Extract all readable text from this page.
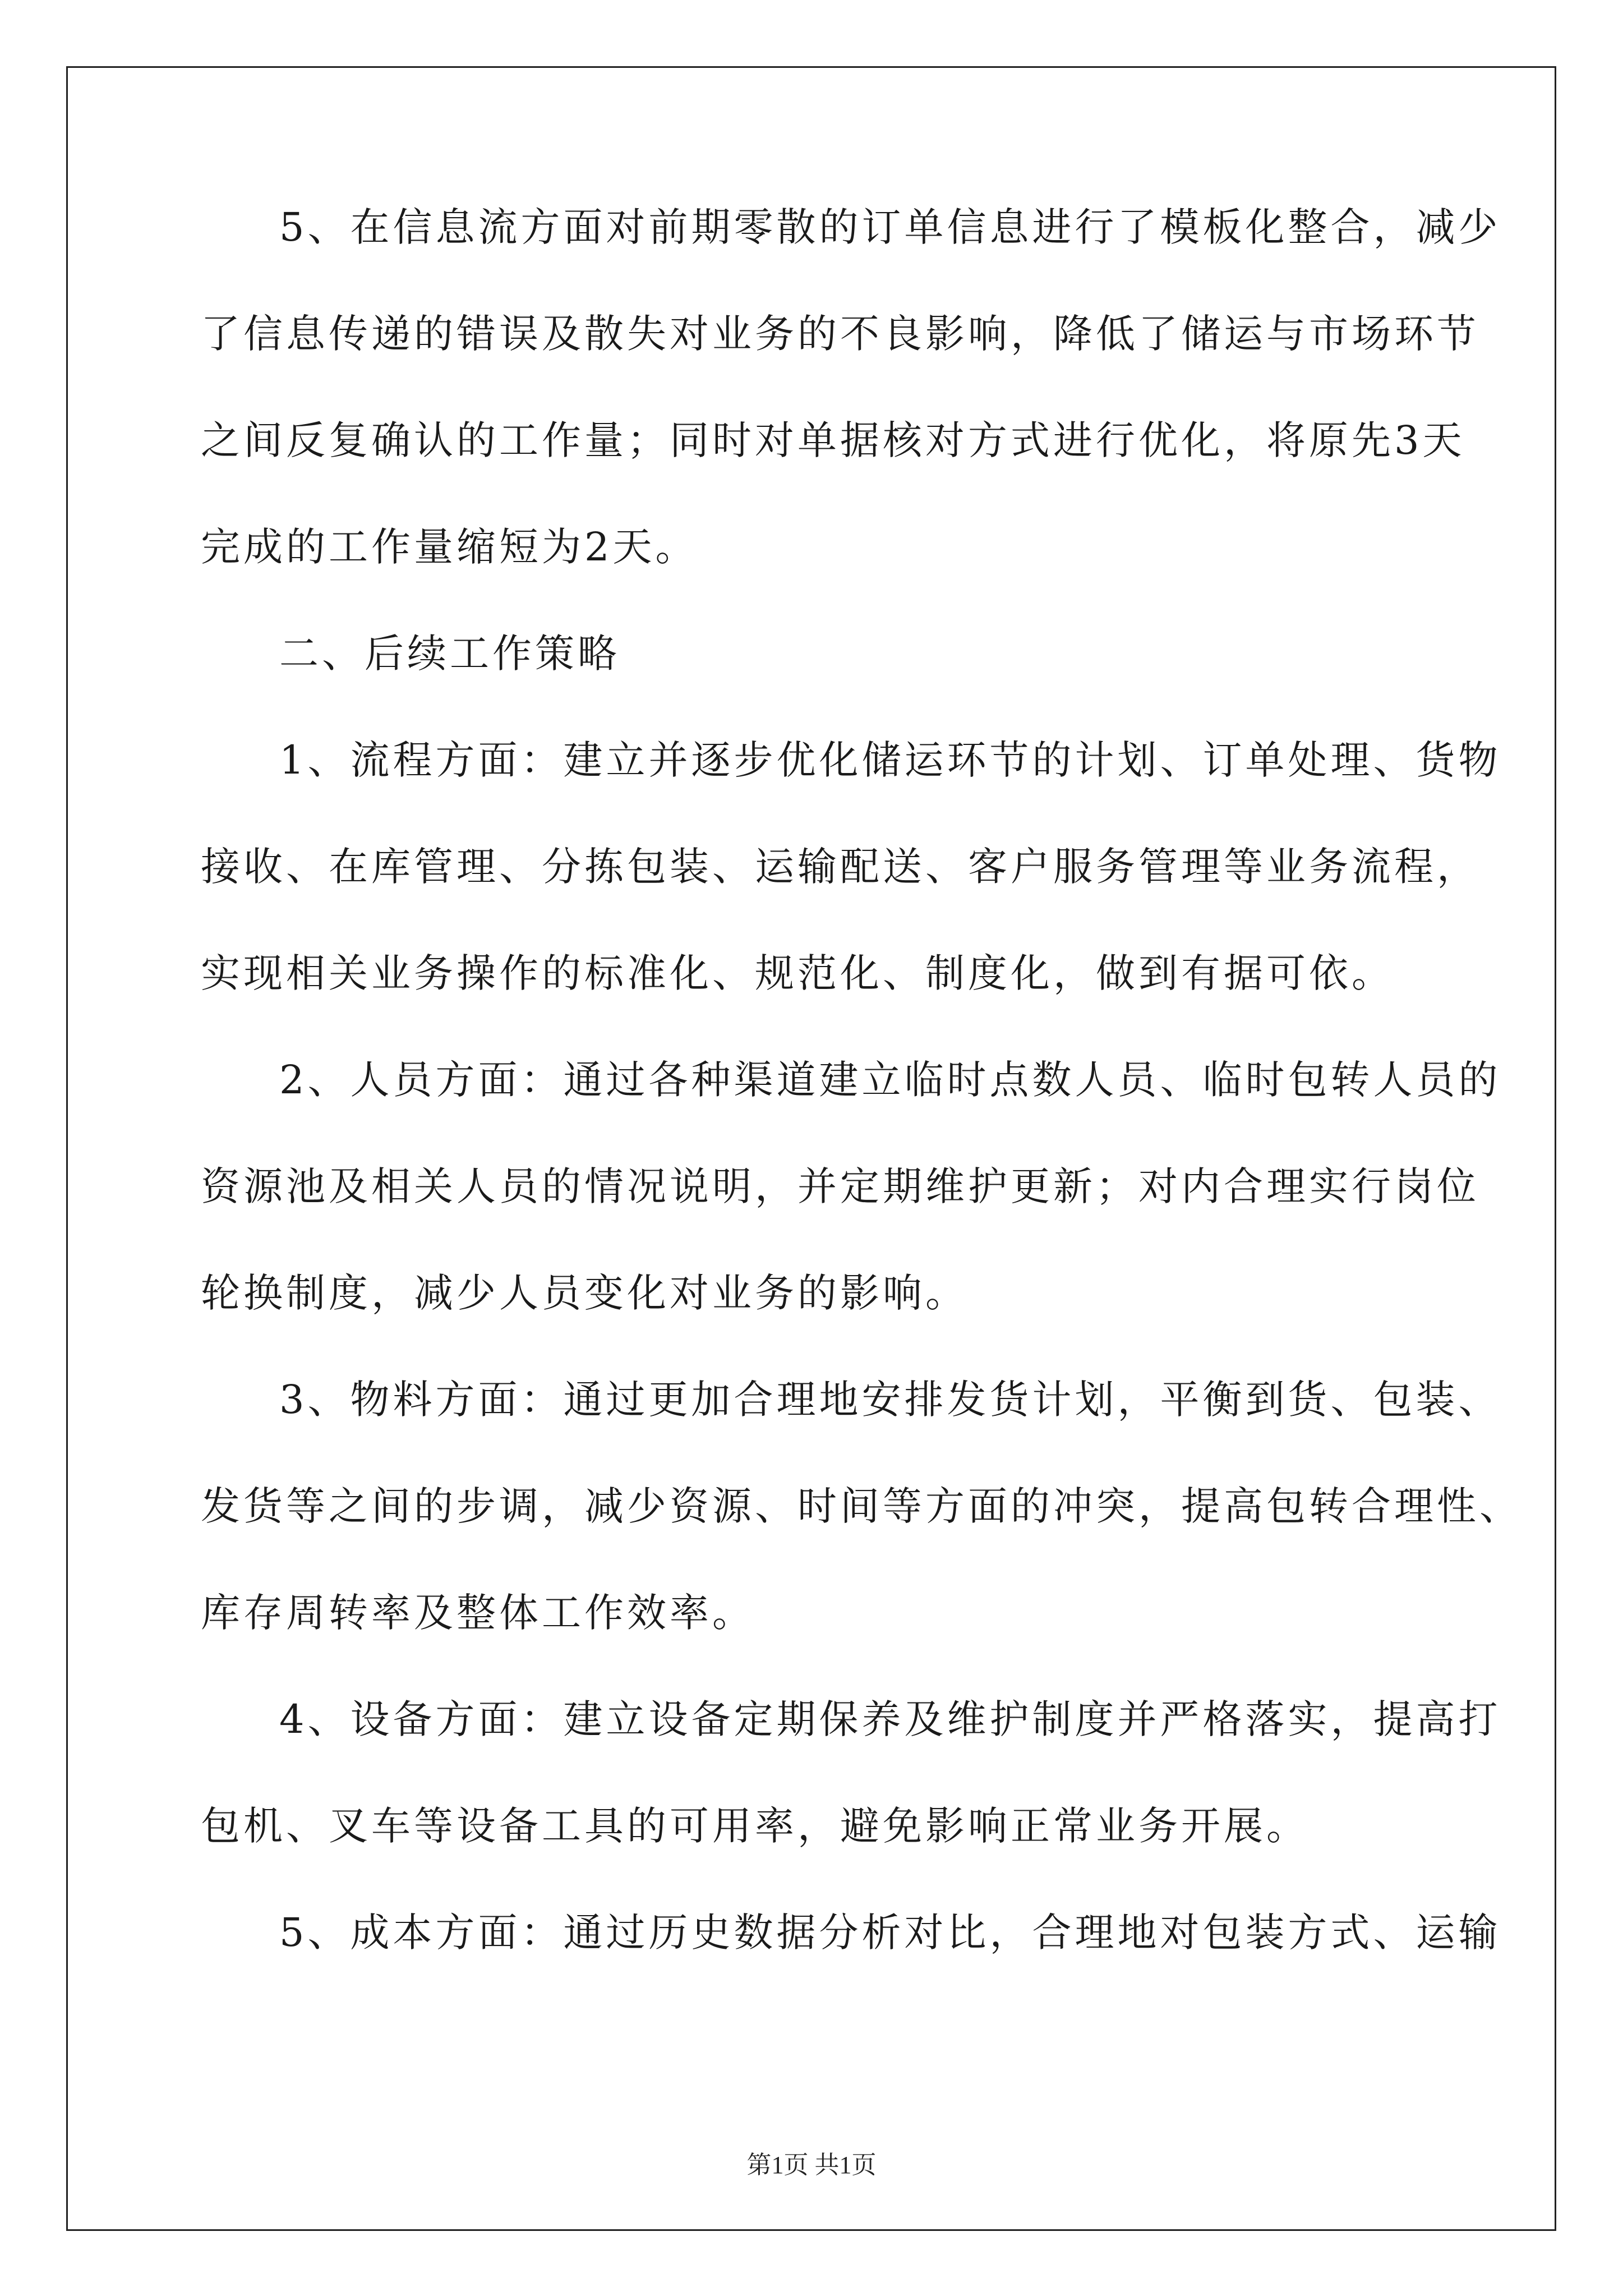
5、在信息流方面对前期零散的订单信息进行了模板化整合，减少
了信息传递的错误及散失对业务的不良影响，降低了储运与市场环节
之间反复确认的工作量；同时对单据核对方式进行优化，将原先3天
完成的工作量缩短为2天。
二、后续工作策略
1、流程方面：建立并逐步优化储运环节的计划、订单处理、货物
接收、在库管理、分拣包装、运输配送、客户服务管理等业务流程，
实现相关业务操作的标准化、规范化、制度化，做到有据可依。
2、人员方面：通过各种渠道建立临时点数人员、临时包转人员的
资源池及相关人员的情况说明，并定期维护更新；对内合理实行岗位
轮换制度，减少人员变化对业务的影响。
3、物料方面：通过更加合理地安排发货计划，平衡到货、包装、
发货等之间的步调，减少资源、时间等方面的冲突，提高包转合理性、
库存周转率及整体工作效率。
4、设备方面：建立设备定期保养及维护制度并严格落实，提高打
包机、叉车等设备工具的可用率，避免影响正常业务开展。
5、成本方面：通过历史数据分析对比，合理地对包装方式、运输
第1页 共1页
